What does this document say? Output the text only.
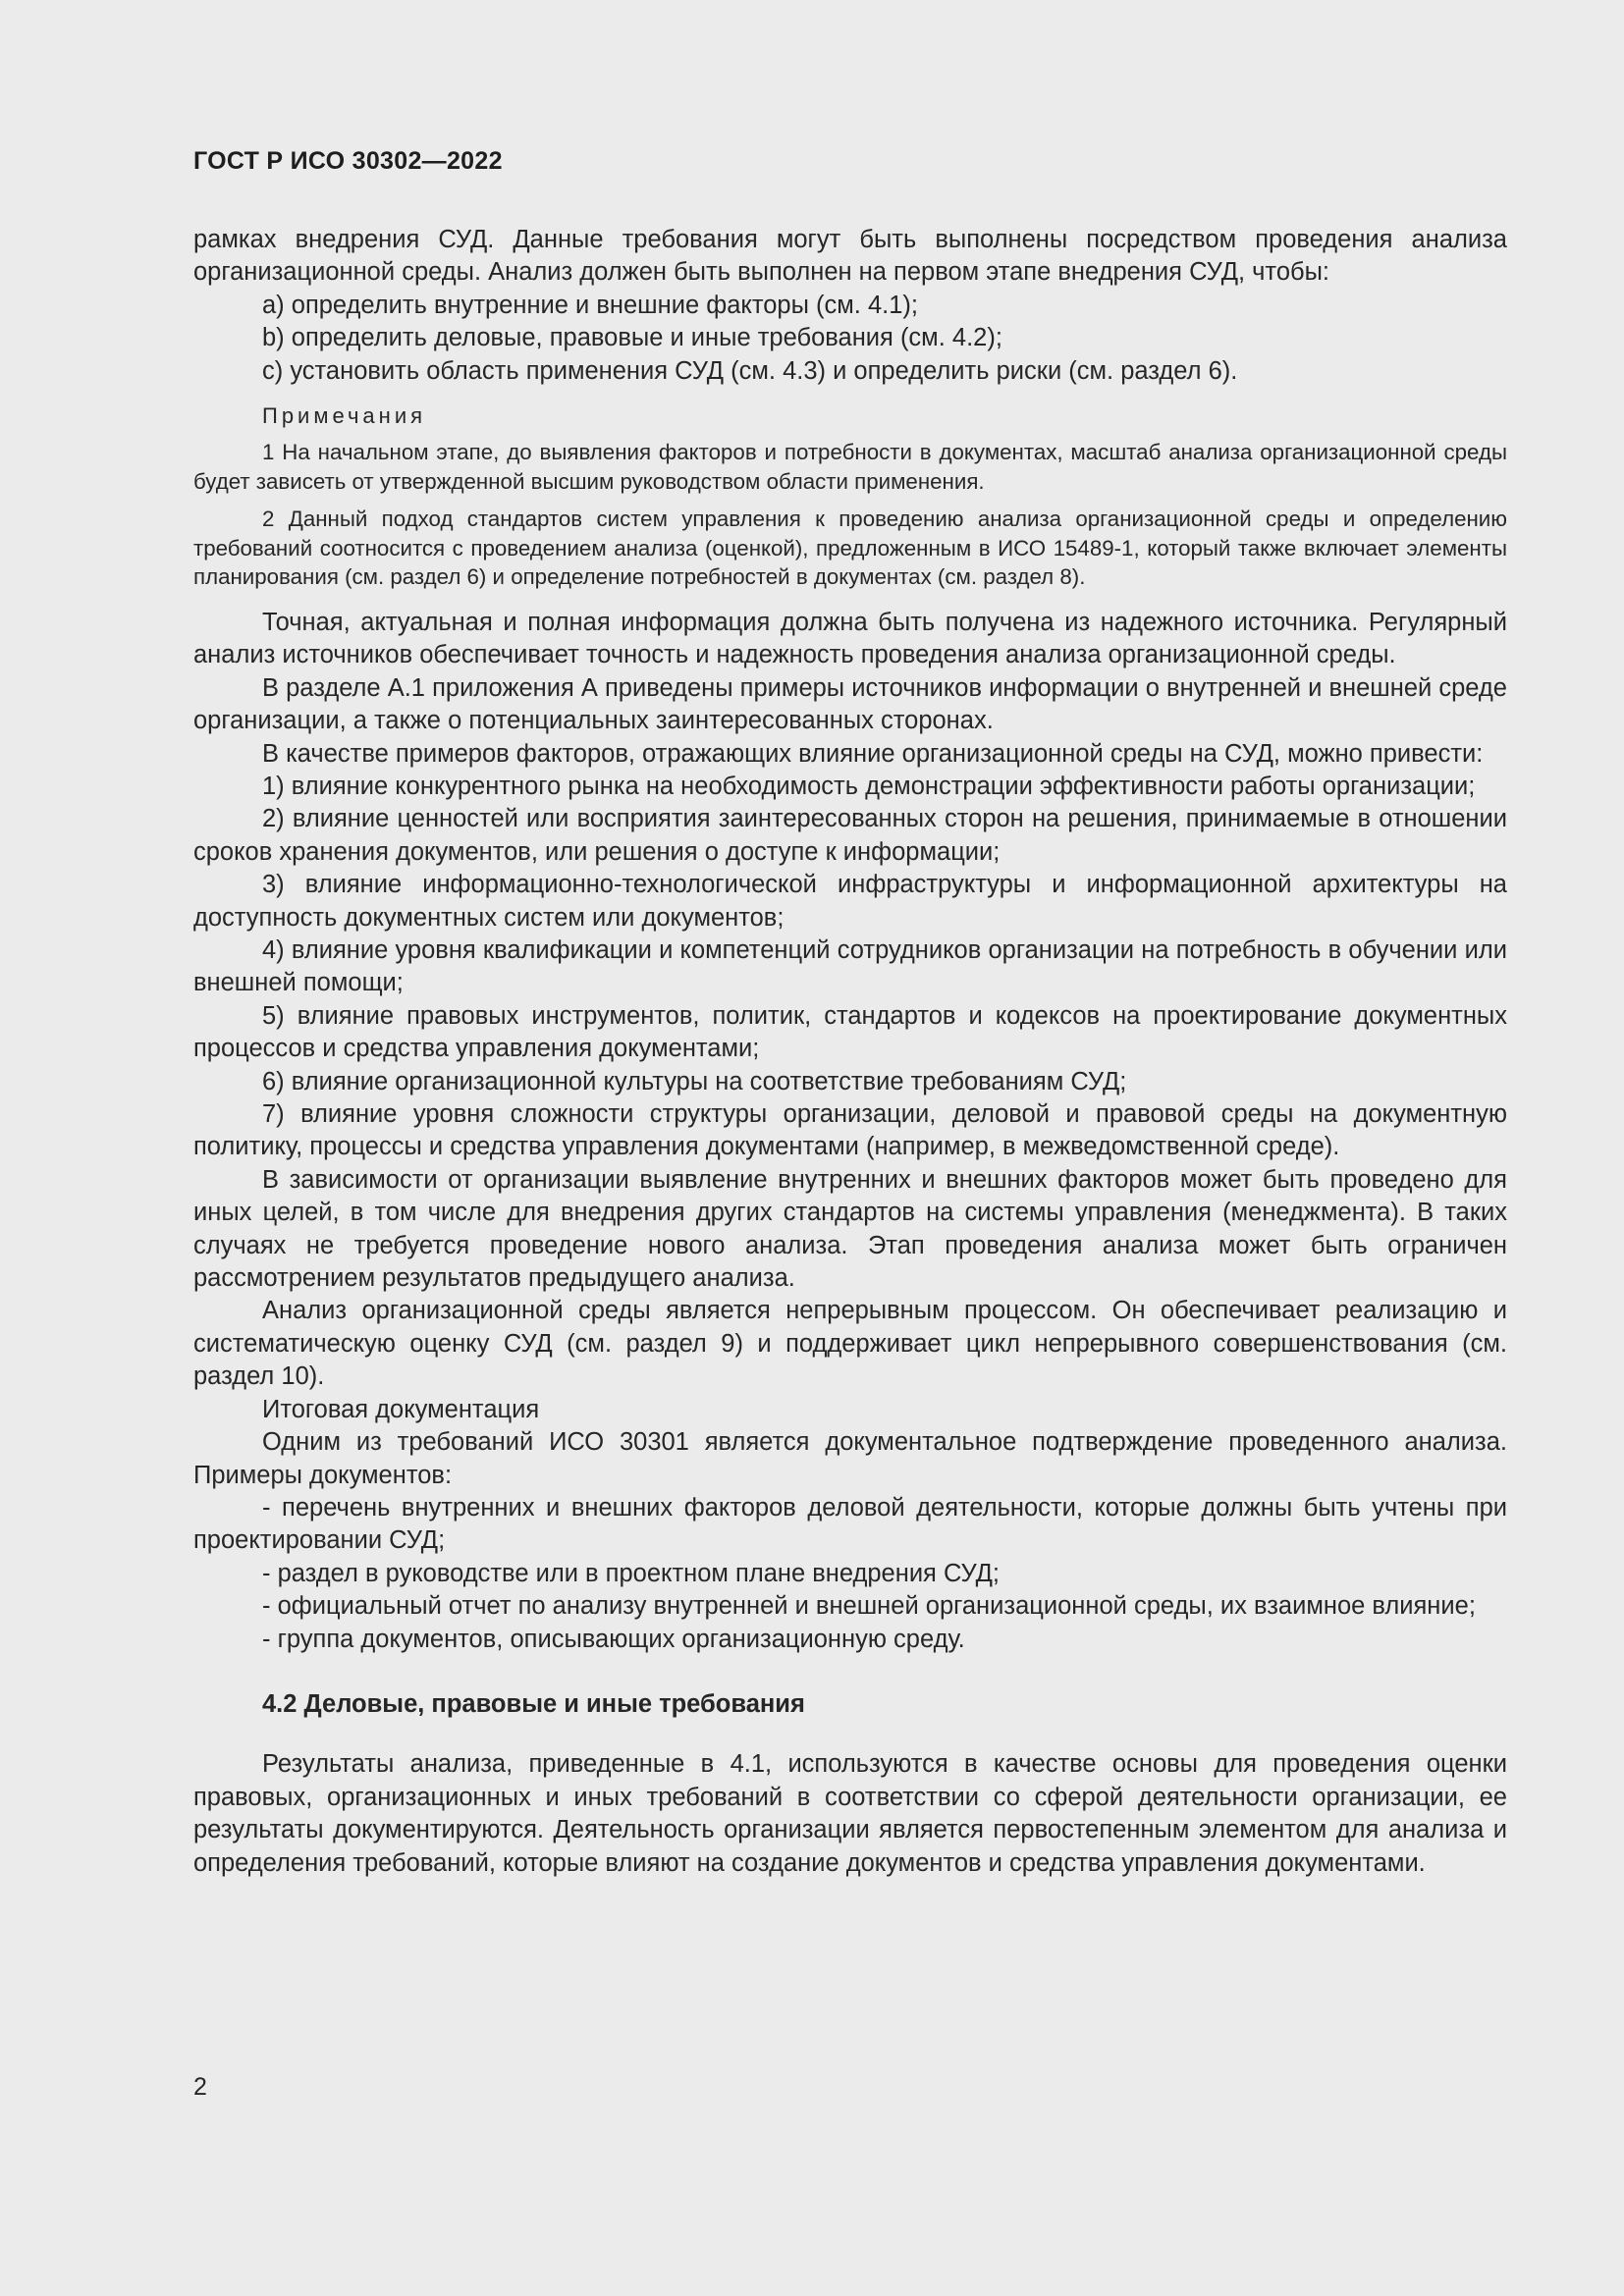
ГОСТ Р ИСО 30302—2022

рамках внедрения СУД. Данные требования могут быть выполнены посредством проведения анализа организационной среды. Анализ должен быть выполнен на первом этапе внедрения СУД, чтобы:

a) определить внутренние и внешние факторы (см. 4.1);

b) определить деловые, правовые и иные требования (см. 4.2);

c) установить область применения СУД (см. 4.3) и определить риски (см. раздел 6).

Примечания

1 На начальном этапе, до выявления факторов и потребности в документах, масштаб анализа организационной среды будет зависеть от утвержденной высшим руководством области применения.

2 Данный подход стандартов систем управления к проведению анализа организационной среды и определению требований соотносится с проведением анализа (оценкой), предложенным в ИСО 15489-1, который также включает элементы планирования (см. раздел 6) и определение потребностей в документах (см. раздел 8).

Точная, актуальная и полная информация должна быть получена из надежного источника. Регулярный анализ источников обеспечивает точность и надежность проведения анализа организационной среды.

В разделе А.1 приложения А приведены примеры источников информации о внутренней и внешней среде организации, а также о потенциальных заинтересованных сторонах.

В качестве примеров факторов, отражающих влияние организационной среды на СУД, можно привести:

1) влияние конкурентного рынка на необходимость демонстрации эффективности работы организации;

2) влияние ценностей или восприятия заинтересованных сторон на решения, принимаемые в отношении сроков хранения документов, или решения о доступе к информации;

3) влияние информационно-технологической инфраструктуры и информационной архитектуры на доступность документных систем или документов;

4) влияние уровня квалификации и компетенций сотрудников организации на потребность в обучении или внешней помощи;

5) влияние правовых инструментов, политик, стандартов и кодексов на проектирование документных процессов и средства управления документами;

6) влияние организационной культуры на соответствие требованиям СУД;

7) влияние уровня сложности структуры организации, деловой и правовой среды на документную политику, процессы и средства управления документами (например, в межведомственной среде).

В зависимости от организации выявление внутренних и внешних факторов может быть проведено для иных целей, в том числе для внедрения других стандартов на системы управления (менеджмента). В таких случаях не требуется проведение нового анализа. Этап проведения анализа может быть ограничен рассмотрением результатов предыдущего анализа.

Анализ организационной среды является непрерывным процессом. Он обеспечивает реализацию и систематическую оценку СУД (см. раздел 9) и поддерживает цикл непрерывного совершенствования (см. раздел 10).

Итоговая документация

Одним из требований ИСО 30301 является документальное подтверждение проведенного анализа. Примеры документов:

- перечень внутренних и внешних факторов деловой деятельности, которые должны быть учтены при проектировании СУД;

- раздел в руководстве или в проектном плане внедрения СУД;

- официальный отчет по анализу внутренней и внешней организационной среды, их взаимное влияние;

- группа документов, описывающих организационную среду.

4.2 Деловые, правовые и иные требования

Результаты анализа, приведенные в 4.1, используются в качестве основы для проведения оценки правовых, организационных и иных требований в соответствии со сферой деятельности организации, ее результаты документируются. Деятельность организации является первостепенным элементом для анализа и определения требований, которые влияют на создание документов и средства управления документами.

2
